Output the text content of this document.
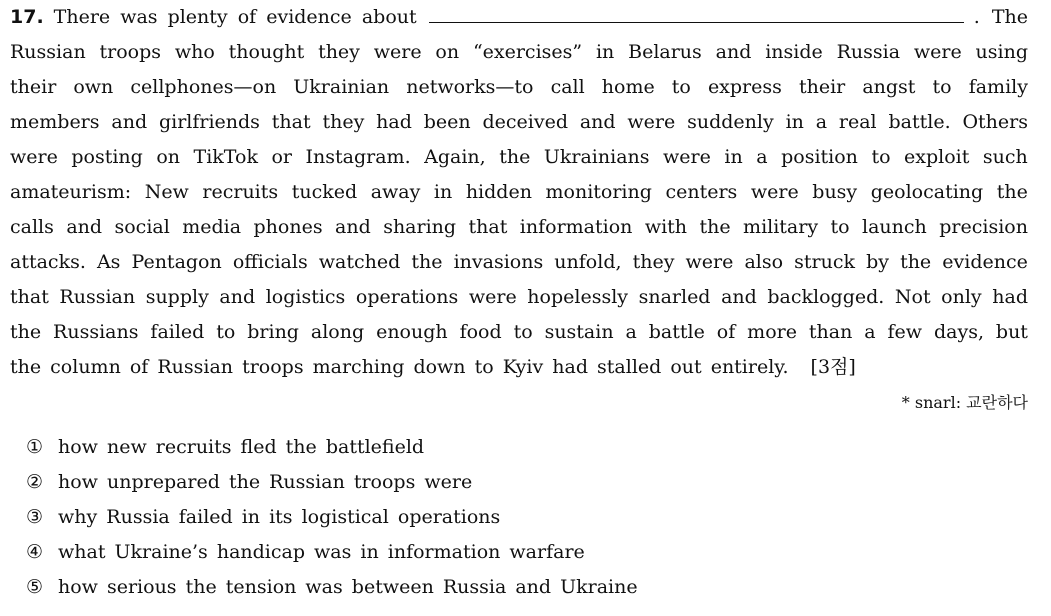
17. There was plenty of evidence about	. The
Russian troops who thought they were on “exercises” in Belarus and inside Russia were using
their own cellphones—on Ukrainian networks—to call home to express their angst to family
members and girlfriends that they had been deceived and were suddenly in a real battle. Others
were posting on TikTok or Instagram. Again, the Ukrainians were in a position to exploit such
amateurism: New recruits tucked away in hidden monitoring centers were busy geolocating the
calls and social media phones and sharing that information with the military to launch precision
attacks. As Pentagon officials watched the invasions unfold, they were also struck by the evidence
that Russian supply and logistics operations were hopelessly snarled and backlogged. Not only had
the Russians failed to bring along enough food to sustain a battle of more than a few days, but
the column of Russian troops marching down to Kyiv had stalled out entirely. [3점]
* snarl: 교란하다
① how new recruits fled the battlefield
② how unprepared the Russian troops were
③ why Russia failed in its logistical operations
④ what Ukraine’s handicap was in information warfare
⑤ how serious the tension was between Russia and Ukraine
